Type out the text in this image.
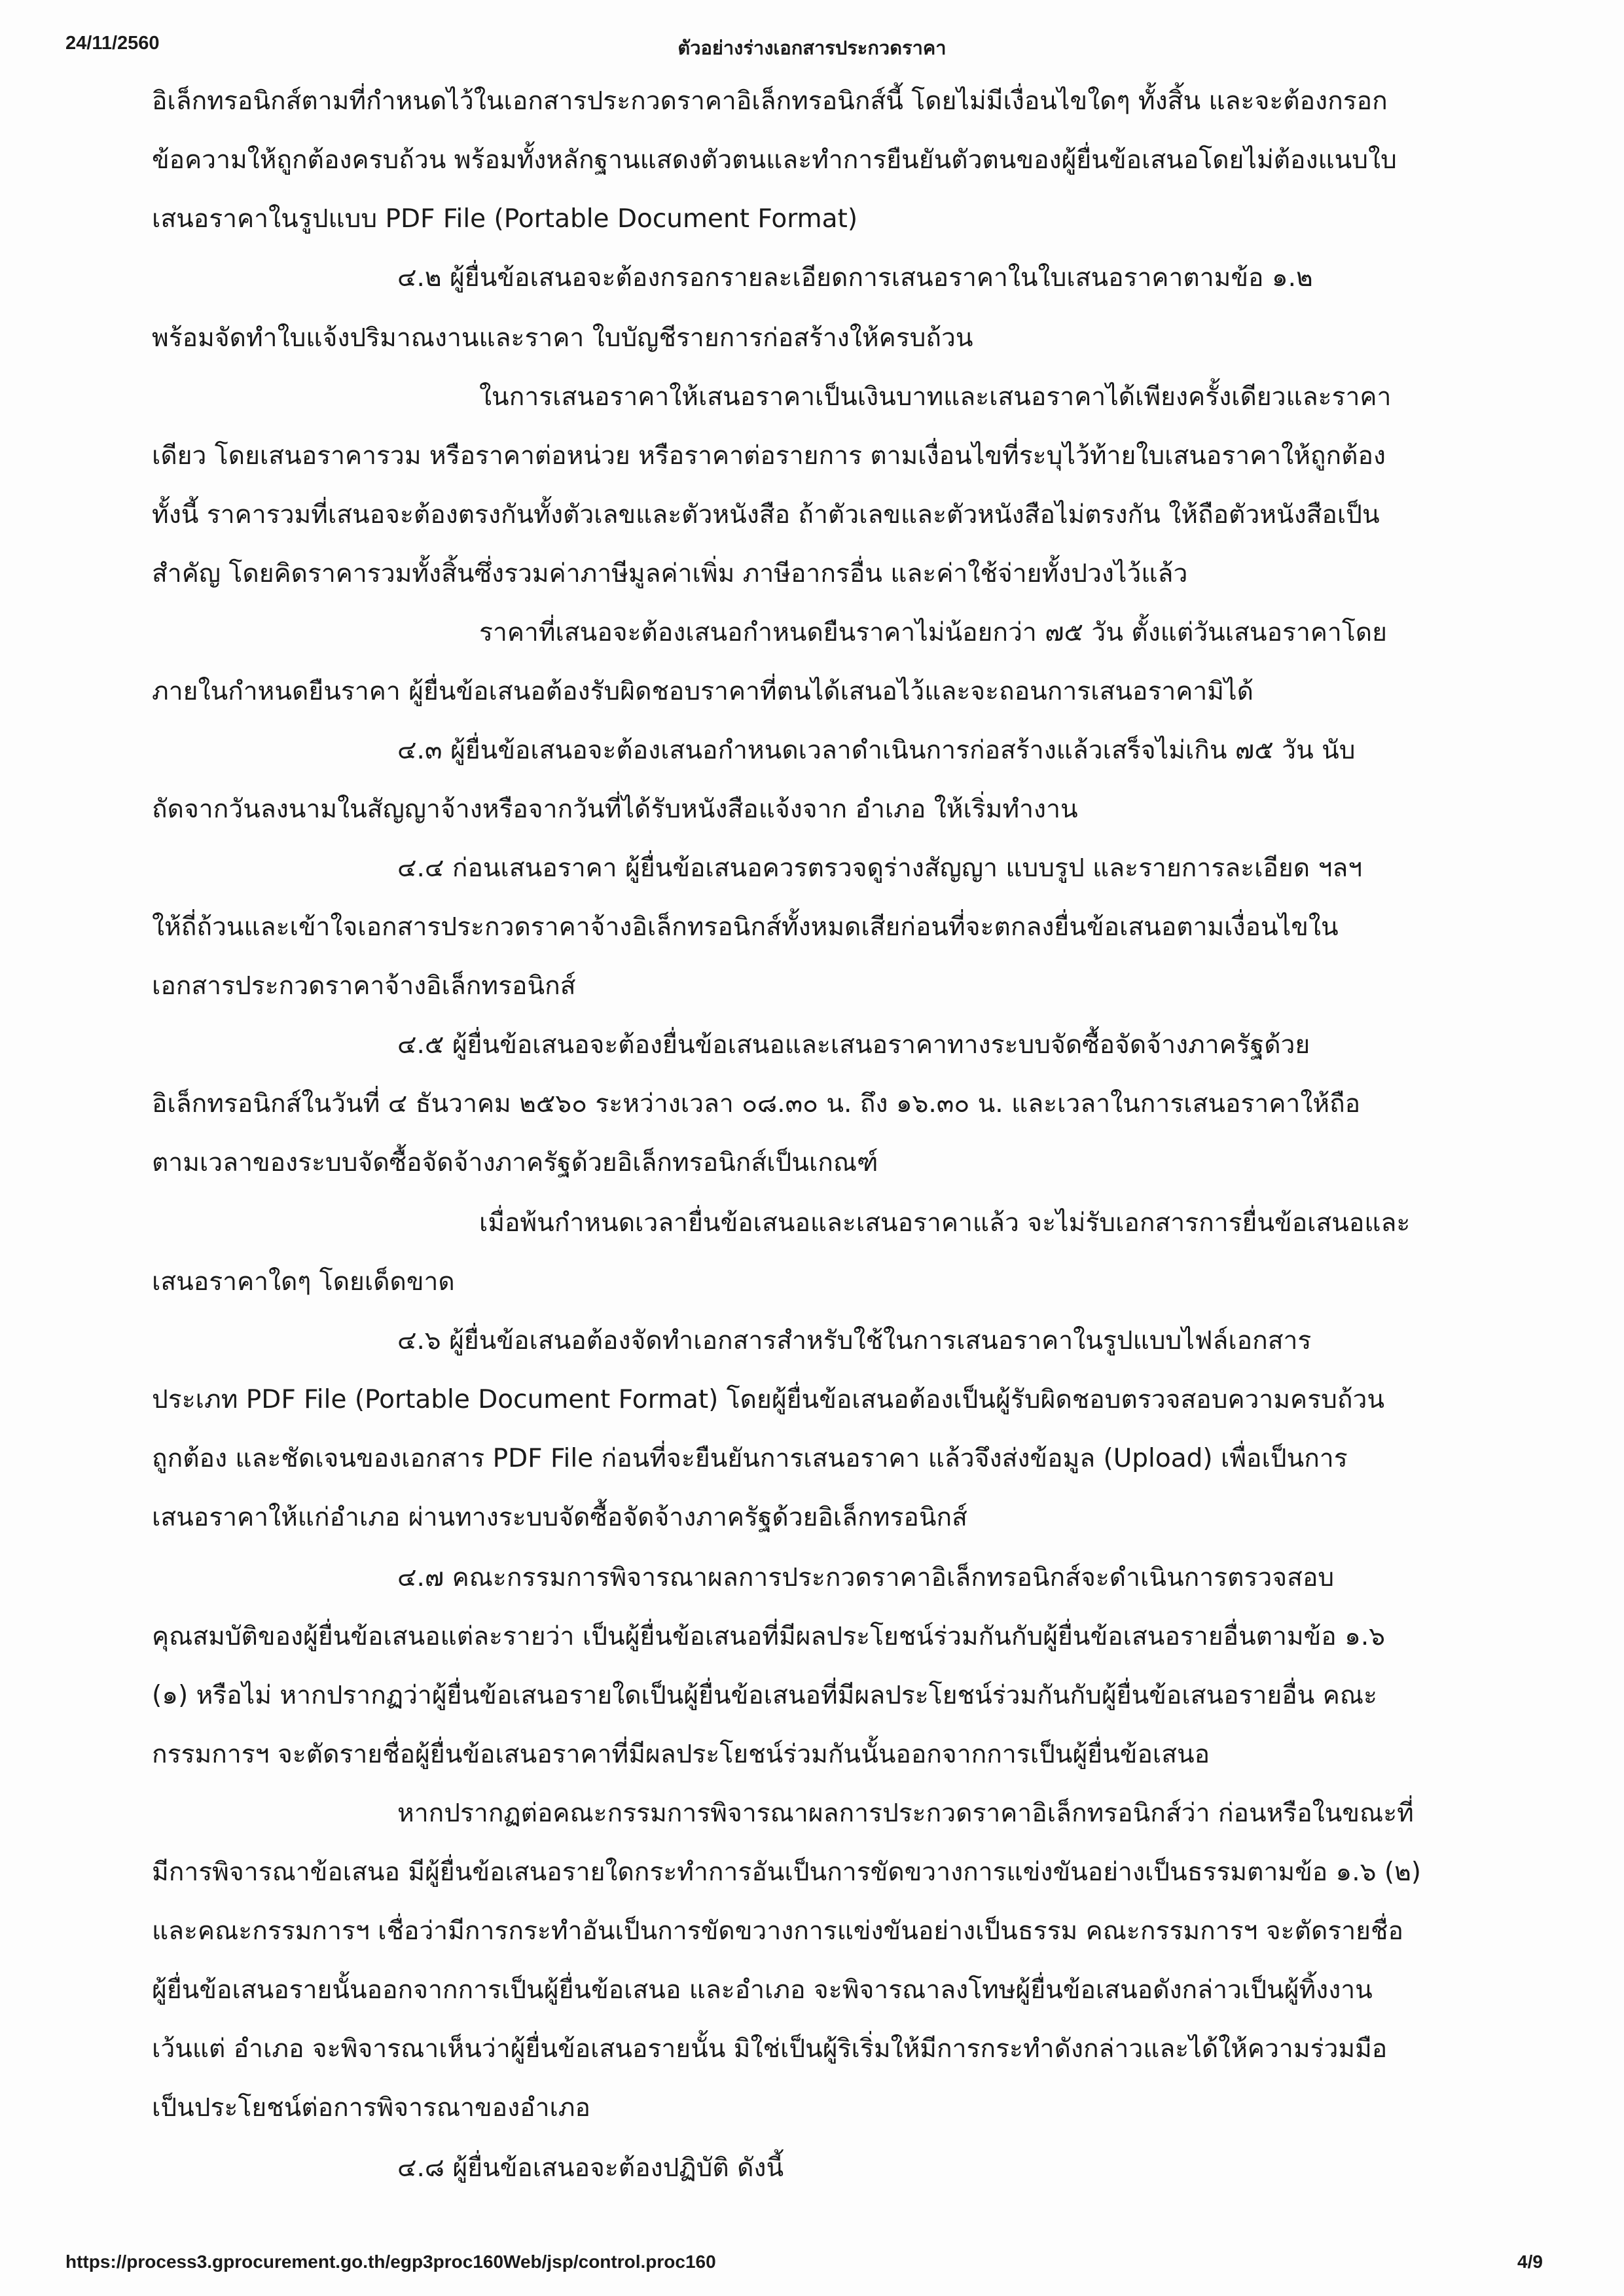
24/11/2560	ตัวอย่างร่างเอกสารประกวดราคา
อิเล็กทรอนิกส์ตามที่กำหนดไว้ในเอกสารประกวดราคาอิเล็กทรอนิกส์นี้ โดยไม่มีเงื่อนไขใดๆ ทั้งสิ้น และจะต้องกรอก
ข้อความให้ถูกต้องครบถ้วน พร้อมทั้งหลักฐานแสดงตัวตนและทำการยืนยันตัวตนของผู้ยื่นข้อเสนอโดยไม่ต้องแนบใบ
เสนอราคาในรูปแบบ PDF File (Portable Document Format)
๔.๒ ผู้ยื่นข้อเสนอจะต้องกรอกรายละเอียดการเสนอราคาในใบเสนอราคาตามข้อ ๑.๒
พร้อมจัดทำใบแจ้งปริมาณงานและราคา ใบบัญชีรายการก่อสร้างให้ครบถ้วน
ในการเสนอราคาให้เสนอราคาเป็นเงินบาทและเสนอราคาได้เพียงครั้งเดียวและราคา
เดียว โดยเสนอราคารวม หรือราคาต่อหน่วย หรือราคาต่อรายการ ตามเงื่อนไขที่ระบุไว้ท้ายใบเสนอราคาให้ถูกต้อง
ทั้งนี้ ราคารวมที่เสนอจะต้องตรงกันทั้งตัวเลขและตัวหนังสือ ถ้าตัวเลขและตัวหนังสือไม่ตรงกัน ให้ถือตัวหนังสือเป็น
สำคัญ โดยคิดราคารวมทั้งสิ้นซึ่งรวมค่าภาษีมูลค่าเพิ่ม ภาษีอากรอื่น และค่าใช้จ่ายทั้งปวงไว้แล้ว
ราคาที่เสนอจะต้องเสนอกำหนดยืนราคาไม่น้อยกว่า ๗๕ วัน ตั้งแต่วันเสนอราคาโดย
ภายในกำหนดยืนราคา ผู้ยื่นข้อเสนอต้องรับผิดชอบราคาที่ตนได้เสนอไว้และจะถอนการเสนอราคามิได้
๔.๓ ผู้ยื่นข้อเสนอจะต้องเสนอกำหนดเวลาดำเนินการก่อสร้างแล้วเสร็จไม่เกิน ๗๕ วัน นับ
ถัดจากวันลงนามในสัญญาจ้างหรือจากวันที่ได้รับหนังสือแจ้งจาก อำเภอ ให้เริ่มทำงาน
๔.๔ ก่อนเสนอราคา ผู้ยื่นข้อเสนอควรตรวจดูร่างสัญญา แบบรูป และรายการละเอียด ฯลฯ
ให้ถี่ถ้วนและเข้าใจเอกสารประกวดราคาจ้างอิเล็กทรอนิกส์ทั้งหมดเสียก่อนที่จะตกลงยื่นข้อเสนอตามเงื่อนไขใน
เอกสารประกวดราคาจ้างอิเล็กทรอนิกส์
๔.๕ ผู้ยื่นข้อเสนอจะต้องยื่นข้อเสนอและเสนอราคาทางระบบจัดซื้อจัดจ้างภาครัฐด้วย
อิเล็กทรอนิกส์ในวันที่ ๔ ธันวาคม ๒๕๖๐ ระหว่างเวลา ๐๘.๓๐ น. ถึง ๑๖.๓๐ น. และเวลาในการเสนอราคาให้ถือ
ตามเวลาของระบบจัดซื้อจัดจ้างภาครัฐด้วยอิเล็กทรอนิกส์เป็นเกณฑ์
เมื่อพ้นกำหนดเวลายื่นข้อเสนอและเสนอราคาแล้ว จะไม่รับเอกสารการยื่นข้อเสนอและ
เสนอราคาใดๆ โดยเด็ดขาด
๔.๖ ผู้ยื่นข้อเสนอต้องจัดทำเอกสารสำหรับใช้ในการเสนอราคาในรูปแบบไฟล์เอกสาร
ประเภท PDF File (Portable Document Format) โดยผู้ยื่นข้อเสนอต้องเป็นผู้รับผิดชอบตรวจสอบความครบถ้วน
ถูกต้อง และชัดเจนของเอกสาร PDF File ก่อนที่จะยืนยันการเสนอราคา แล้วจึงส่งข้อมูล (Upload) เพื่อเป็นการ
เสนอราคาให้แก่อำเภอ ผ่านทางระบบจัดซื้อจัดจ้างภาครัฐด้วยอิเล็กทรอนิกส์
๔.๗ คณะกรรมการพิจารณาผลการประกวดราคาอิเล็กทรอนิกส์จะดำเนินการตรวจสอบ
คุณสมบัติของผู้ยื่นข้อเสนอแต่ละรายว่า เป็นผู้ยื่นข้อเสนอที่มีผลประโยชน์ร่วมกันกับผู้ยื่นข้อเสนอรายอื่นตามข้อ ๑.๖
(๑) หรือไม่ หากปรากฏว่าผู้ยื่นข้อเสนอรายใดเป็นผู้ยื่นข้อเสนอที่มีผลประโยชน์ร่วมกันกับผู้ยื่นข้อเสนอรายอื่น คณะ
กรรมการฯ จะตัดรายชื่อผู้ยื่นข้อเสนอราคาที่มีผลประโยชน์ร่วมกันนั้นออกจากการเป็นผู้ยื่นข้อเสนอ
หากปรากฏต่อคณะกรรมการพิจารณาผลการประกวดราคาอิเล็กทรอนิกส์ว่า ก่อนหรือในขณะที่
มีการพิจารณาข้อเสนอ มีผู้ยื่นข้อเสนอรายใดกระทำการอันเป็นการขัดขวางการแข่งขันอย่างเป็นธรรมตามข้อ ๑.๖ (๒)
และคณะกรรมการฯ เชื่อว่ามีการกระทำอันเป็นการขัดขวางการแข่งขันอย่างเป็นธรรม คณะกรรมการฯ จะตัดรายชื่อ
ผู้ยื่นข้อเสนอรายนั้นออกจากการเป็นผู้ยื่นข้อเสนอ และอำเภอ จะพิจารณาลงโทษผู้ยื่นข้อเสนอดังกล่าวเป็นผู้ทิ้งงาน
เว้นแต่ อำเภอ จะพิจารณาเห็นว่าผู้ยื่นข้อเสนอรายนั้น มิใช่เป็นผู้ริเริ่มให้มีการกระทำดังกล่าวและได้ให้ความร่วมมือ
เป็นประโยชน์ต่อการพิจารณาของอำเภอ
๔.๘ ผู้ยื่นข้อเสนอจะต้องปฏิบัติ ดังนี้
https://process3.gprocurement.go.th/egp3proc160Web/jsp/control.proc160	4/9
